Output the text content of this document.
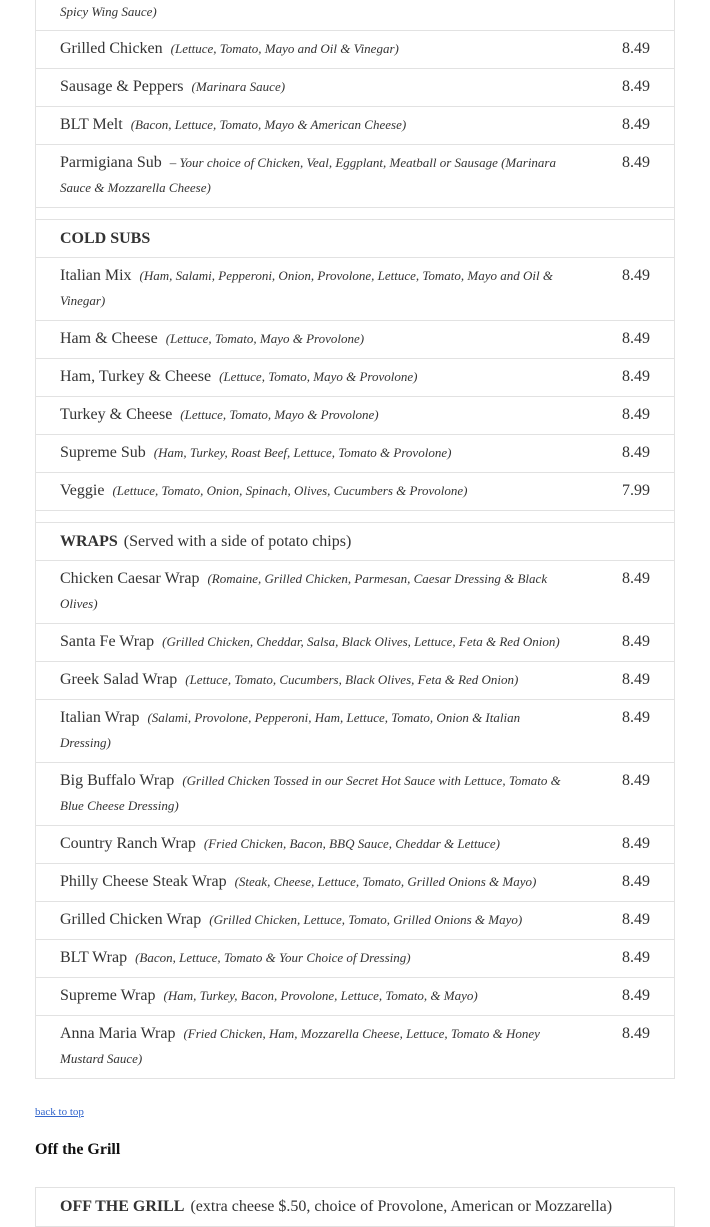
Spicy Wing Sauce)
Grilled Chicken (Lettuce, Tomato, Mayo and Oil & Vinegar)	8.49
Sausage & Peppers (Marinara Sauce)	8.49
BLT Melt (Bacon, Lettuce, Tomato, Mayo & American Cheese)	8.49
Parmigiana Sub – Your choice of Chicken, Veal, Eggplant, Meatball or Sausage (Marinara Sauce & Mozzarella Cheese)
8.49
COLD SUBS
Italian Mix (Ham, Salami, Pepperoni, Onion, Provolone, Lettuce, Tomato, Mayo and Oil & Vinegar)
8.49
Ham & Cheese (Lettuce, Tomato, Mayo & Provolone)	8.49
Ham, Turkey & Cheese (Lettuce, Tomato, Mayo & Provolone)	8.49
Turkey & Cheese (Lettuce, Tomato, Mayo & Provolone)	8.49
Supreme Sub (Ham, Turkey, Roast Beef, Lettuce, Tomato & Provolone)	8.49
Veggie (Lettuce, Tomato, Onion, Spinach, Olives, Cucumbers & Provolone)	7.99
WRAPS (Served with a side of potato chips)
Chicken Caesar Wrap (Romaine, Grilled Chicken, Parmesan, Caesar Dressing & Black Olives)
8.49
Santa Fe Wrap (Grilled Chicken, Cheddar, Salsa, Black Olives, Lettuce, Feta & Red Onion)	8.49
Greek Salad Wrap (Lettuce, Tomato, Cucumbers, Black Olives, Feta & Red Onion)	8.49
Italian Wrap (Salami, Provolone, Pepperoni, Ham, Lettuce, Tomato, Onion & Italian Dressing)
8.49
Big Buffalo Wrap (Grilled Chicken Tossed in our Secret Hot Sauce with Lettuce, Tomato & Blue Cheese Dressing)
8.49
Country Ranch Wrap (Fried Chicken, Bacon, BBQ Sauce, Cheddar & Lettuce)	8.49
Philly Cheese Steak Wrap (Steak, Cheese, Lettuce, Tomato, Grilled Onions & Mayo)	8.49
Grilled Chicken Wrap (Grilled Chicken, Lettuce, Tomato, Grilled Onions & Mayo)	8.49
BLT Wrap (Bacon, Lettuce, Tomato & Your Choice of Dressing)	8.49
Supreme Wrap (Ham, Turkey, Bacon, Provolone, Lettuce, Tomato, & Mayo)	8.49
Anna Maria Wrap (Fried Chicken, Ham, Mozzarella Cheese, Lettuce, Tomato & Honey Mustard Sauce)
8.49
back to top
Off the Grill
OFF THE GRILL (extra cheese $.50, choice of Provolone, American or Mozzarella)
